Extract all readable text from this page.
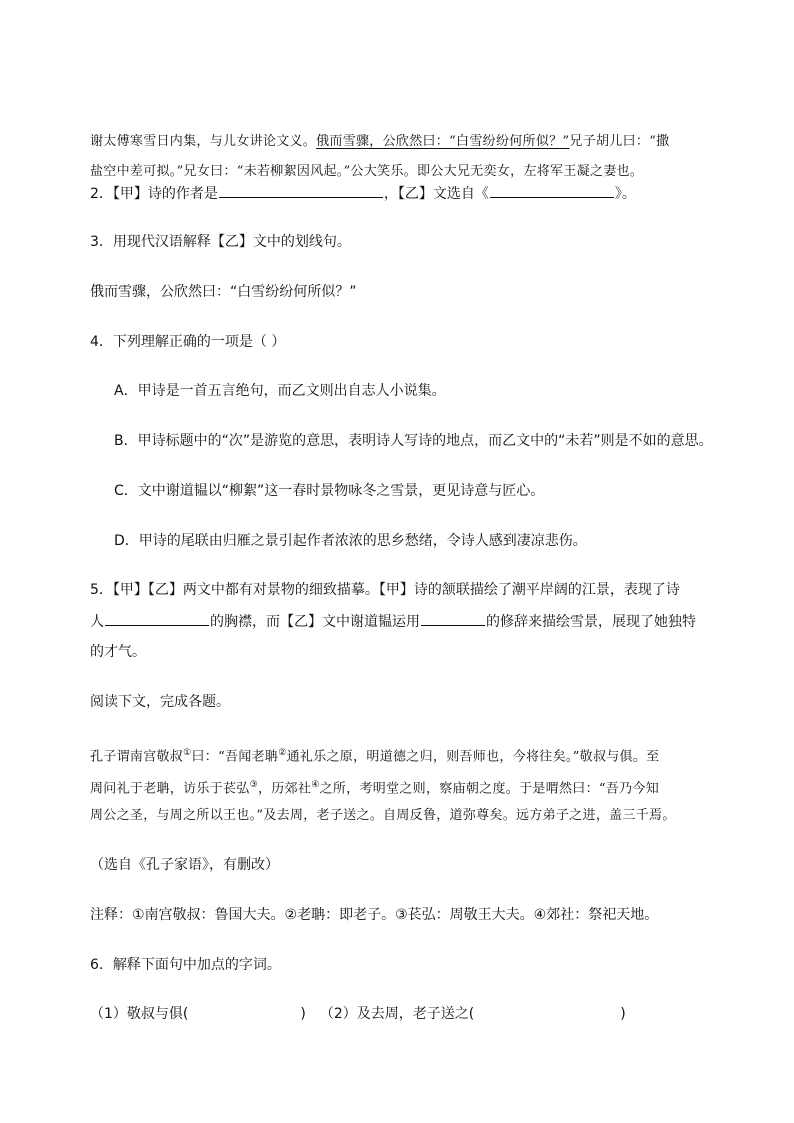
谢太傅寒雪日内集，与儿女讲论文义。俄而雪骤，公欣然曰：“白雪纷纷何所似？”兄子胡儿曰：“撒
盐空中差可拟。”兄女曰：“未若柳絮因风起。”公大笑乐。即公大兄无奕女，左将军王凝之妻也。
2．【甲】诗的作者是	，【乙】文选自《	》。
3．用现代汉语解释【乙】文中的划线句。
俄而雪骤，公欣然曰：“白雪纷纷何所似？”
4．下列理解正确的一项是（ ）
A．甲诗是一首五言绝句，而乙文则出自志人小说集。
B．甲诗标题中的“次”是游览的意思，表明诗人写诗的地点，而乙文中的“未若”则是不如的意思。
C．文中谢道韫以“柳絮”这一春时景物咏冬之雪景，更见诗意与匠心。
D．甲诗的尾联由归雁之景引起作者浓浓的思乡愁绪，令诗人感到凄凉悲伤。
5．【甲】【乙】两文中都有对景物的细致描摹。【甲】诗的颔联描绘了潮平岸阔的江景，表现了诗
人	的胸襟，而【乙】文中谢道韫运用	的修辞来描绘雪景，展现了她独特
的才气。
阅读下文，完成各题。
孔子谓南宫敬叔①曰：“吾闻老聃②通礼乐之原，明道德之归，则吾师也，今将往矣。”敬叔与俱。至
周问礼于老聃，访乐于苌弘③，历郊社④之所，考明堂之则，察庙朝之度。于是喟然曰：“吾乃今知
周公之圣，与周之所以王也。”及去周，老子送之。自周反鲁，道弥尊矣。远方弟子之进，盖三千焉。
（选自《孔子家语》，有删改）
注释：①南宫敬叔：鲁国大夫。②老聃：即老子。③苌弘：周敬王大夫。④郊社：祭祀天地。
6．解释下面句中加点的字词。
（1）敬叔与俱(	) （2）及去周，老子送之(	)
